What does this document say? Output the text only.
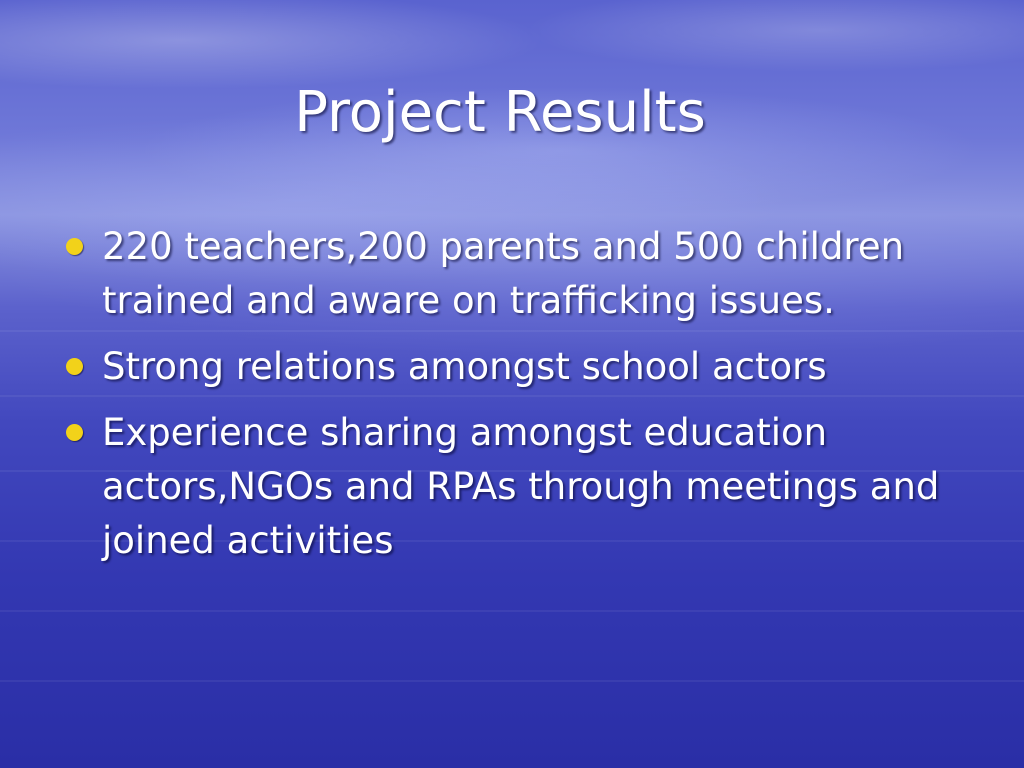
Project Results
220 teachers,200 parents and 500 children trained and aware on trafficking issues.
Strong relations amongst school actors
Experience sharing amongst education actors,NGOs and RPAs through meetings and joined activities
